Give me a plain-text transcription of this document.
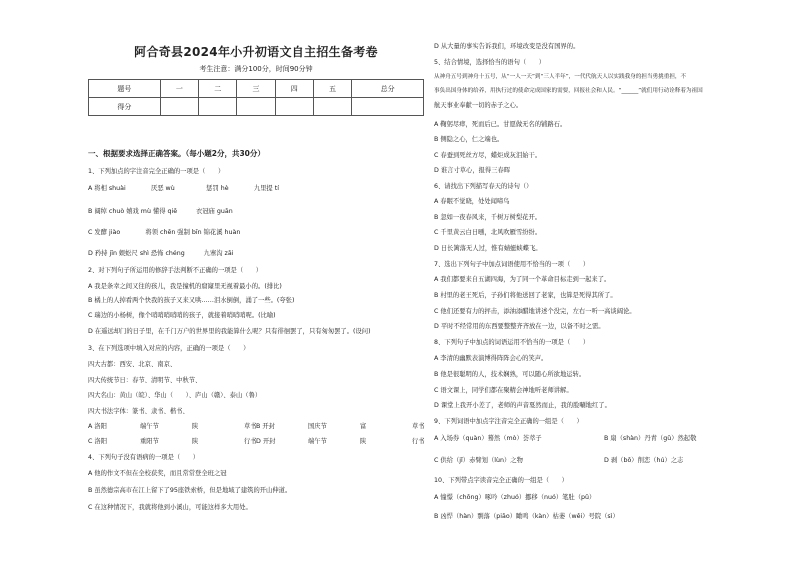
阿合奇县2024年小升初语文自主招生备考卷
考生注意：满分100分，时间90分钟
题号	一	二	三	四	五	总分
得分						
一、根据要求选择正确答案。（每小题2分，共30分）
1、下列加点的字注音完全正确的一项是（　　）
A 将相 shuài　　　　厌恶 wù　　　　　惩罚 hè　　　　九里提 tí
B 阔绰 chuò 嬉戏 mù 懂得 qiē　　　衣冠庙 guān
C 发酵 jiào　　　　将领 chēn 强制 bīn 锦花溪 huàn
D 矜持 jīn 蜈蚣尺 shì 恐怖 chéng　　　九寨沟 zāi
2、对下列句子所运用的修辞手法判断不正确的一项是（　　）
A 我是条幸之间又往的孩儿，我是撞机的窟窿里无视着最小的。(排比)
B 橘上的人掉看两个快我的孩子又来又哄……泪水倒倒，涌了一些。(夸张)
C 瑞边的小杨树，像个哨哨哨哨哨的孩子，就接着哨哨哨呢。(比喻)
D 在遥远却门的日子里，在千门万户的世界里的我能算什么呢？只有徘徊罢了，只有匆匆罢了。(设问)
3、在下列选项中填入对应的内容，正确的一项是（　　）
四大古都：西安、北京、南京、
四大传统节日：春节、清明节、中秋节、
四大名山：黄山（皖）、华山（　　）、庐山（赣）、泰山（鲁）
四大书法字体：篆书、隶书、楷书、
A 洛阳	端午节	陕	草书 B 开封	国庆节	富	草书
C 洛阳	重阳节	陕	行书 D 开封	端午节	陕	行书
4、下列句子没有语病的一项是（　　）
A 他的作文不但在全校获奖，而且常常登全班之冠
B 虽然德宗高市在江上留下了95座铁索桥，但是地域了建筑的开山伸道。
C 在这种情况下，我就将他到小溪山，可能这样多大用处。
D 从大量的事实告诉我们，环境改变是没有国界的。
5、结合情境，选择恰当的语句（　　）
从神舟五号到神舟十五号，从“一人一天”到“三人半年”，一代代航天人以实践我身的担当勇挑重担，不
事负出国身体的给养，用执行过的使命完成国家的需要，回报社会和人民。“______”就们用行动诠释着为祖国
航天事业奉献一切的赤子之心。
A 鞠躬尽瘁，死而后已。甘愿做无名的铺路石。
B 侧隐之心，仁之端也。
C 春蚕到死丝方尽，蜡炬成灰泪始干。
D 谁言寸草心，报得三春晖
6、请找出下列描写春天的诗句（）
A 春眠不觉晓，处处闻啼鸟
B 忽如一夜春风来，千树万树梨花开。
C 千里黄云白日曛，北风吹雁雪纷纷。
D 日长篱落无人过，惟有蜻蜓蛱蝶飞。
7、选出下列句子中加点词语使用不恰当的一项（　　）
A 我们都要来自五湖四海，为了同一个革命目标走到一起来了。
B 村里的老王死后，子孙们将他送回了老家，也算是死得其所了。
C 他们还要有力的抨击，添油添醋地讲述个没完，左右一听一高谈阔论。
D 平时不经常用的东西要整整齐齐放在一边，以备不时之需。
8、下列句子中加点的词语运用不恰当的一项是（　　）
A 李清的幽默表演博得阵阵会心的笑声。
B 他是很聪明的人，技术娴熟，可以随心所欲地运转。
C 语文课上，同学们都在聚精会神地听老师讲解。
D 课堂上我开小差了，老师的声音戛然而止，我的脸唰地红了。
9、下列词语中加点字注音完全正确的一组是（　　）
A 入场券（quàn）蓦然（mò）荟萃子	B 扇（shàn）丹青（gǔ）然起敬
C 供给（jǐ）赤臂划（lùn）之物	D 剥（bō）削恋（hú）之志
10、下列带点字读音完全正确的一组是（　　）
A 憧憬（chōng）啄吟（zhuó）挪移（nuó）笔肚（pǔ）
B 凶悍（hàn）剽落（piāo）瞰鸣（kàn）枯萎（wěi）号院（sì）
